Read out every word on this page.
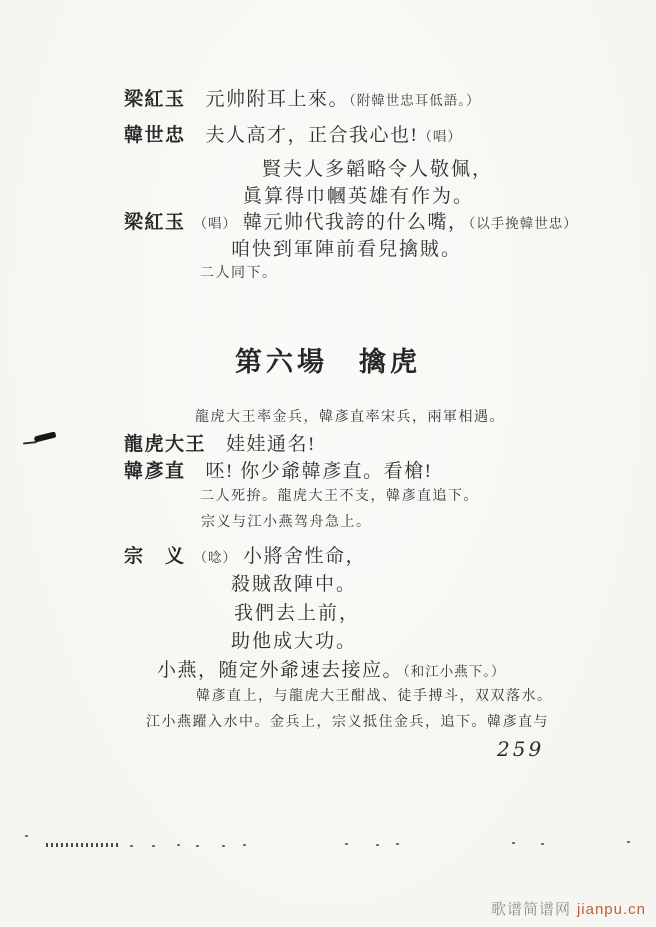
梁紅玉 元帅附耳上來。（附韓世忠耳低語。）
韓世忠 夫人高才，正合我心也!（唱）
賢夫人多韜略令人敬佩，
眞算得巾幗英雄有作为。
梁紅玉 （唱） 韓元帅代我誇的什么嘴，（以手挽韓世忠）
咱快到軍陣前看兒擒賊。
二人同下。
第六場　擒虎
龍虎大王率金兵，韓彥直率宋兵，兩軍相遇。
龍虎大王 娃娃通名!
韓彥直 呸! 你少爺韓彥直。看槍!
二人死拚。龍虎大王不支，韓彥直追下。
宗义与江小燕驾舟急上。
宗　义 （唸） 小將舍性命，
殺賊敌陣中。
我們去上前，
助他成大功。
小燕，随定外爺速去接应。（和江小燕下。）
韓彥直上，与龍虎大王酣战、徒手搏斗，双双落水。
江小燕躍入水中。金兵上，宗义抵住金兵，追下。韓彥直与
259
歌谱简谱网 jianpu.cn
